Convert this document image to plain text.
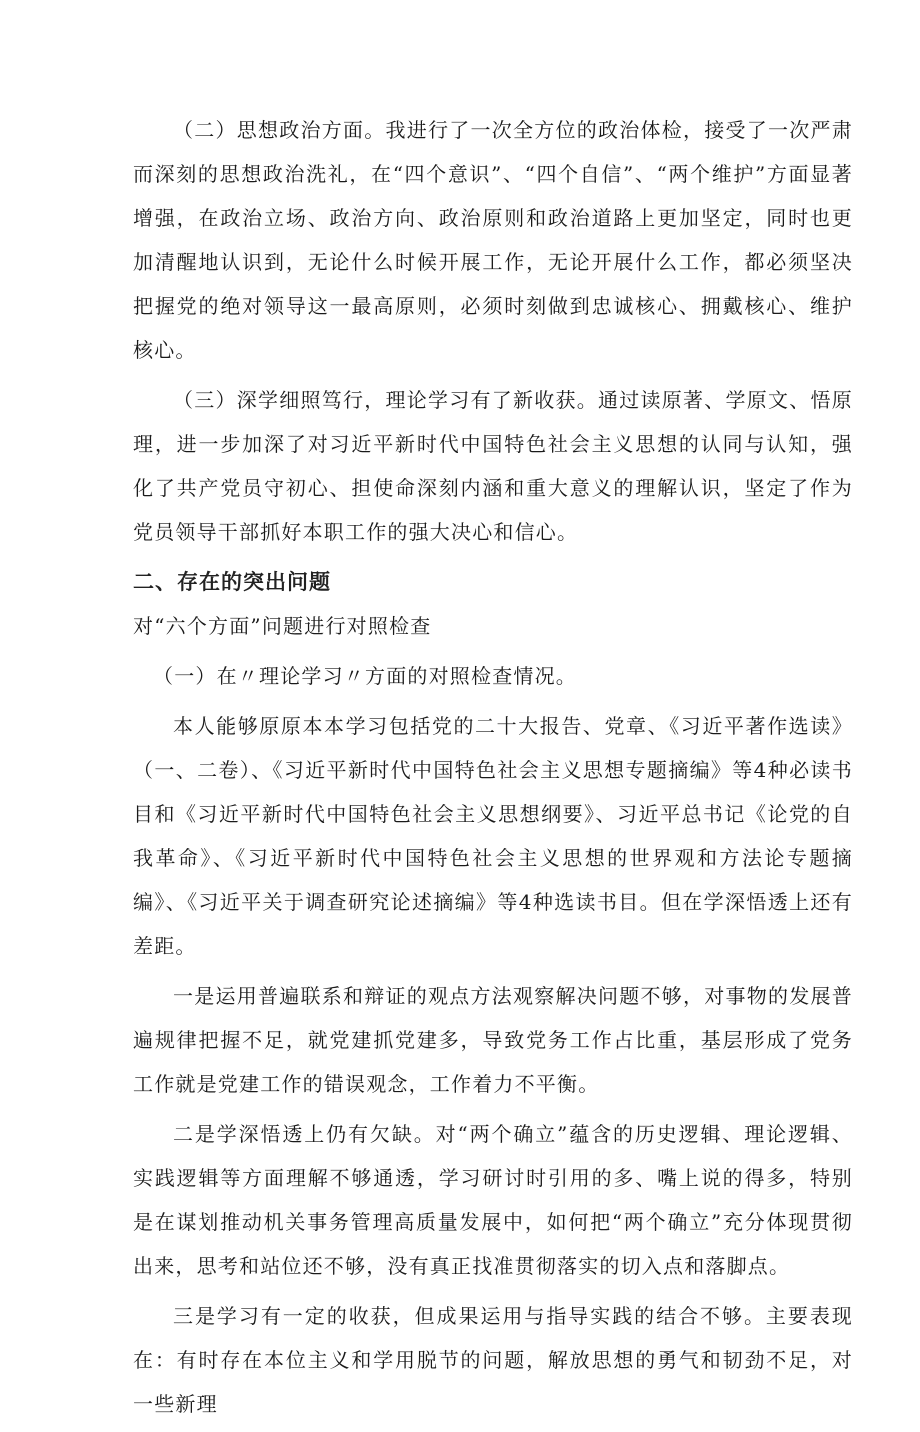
（二）思想政治方面。我进行了一次全方位的政治体检，接受了一次严肃而深刻的思想政治洗礼，在“四个意识”、“四个自信”、“两个维护”方面显著增强，在政治立场、政治方向、政治原则和政治道路上更加坚定，同时也更加清醒地认识到，无论什么时候开展工作，无论开展什么工作，都必须坚决把握党的绝对领导这一最高原则，必须时刻做到忠诚核心、拥戴核心、维护核心。

（三）深学细照笃行，理论学习有了新收获。通过读原著、学原文、悟原理，进一步加深了对习近平新时代中国特色社会主义思想的认同与认知，强化了共产党员守初心、担使命深刻内涵和重大意义的理解认识，坚定了作为党员领导干部抓好本职工作的强大决心和信心。

二、存在的突出问题

对“六个方面”问题进行对照检查

（一）在〃理论学习〃方面的对照检查情况。

本人能够原原本本学习包括党的二十大报告、党章、《习近平著作选读》（一、二卷）、《习近平新时代中国特色社会主义思想专题摘编》等4种必读书目和《习近平新时代中国特色社会主义思想纲要》、习近平总书记《论党的自我革命》、《习近平新时代中国特色社会主义思想的世界观和方法论专题摘编》、《习近平关于调查研究论述摘编》等4种选读书目。但在学深悟透上还有差距。

一是运用普遍联系和辩证的观点方法观察解决问题不够，对事物的发展普遍规律把握不足，就党建抓党建多，导致党务工作占比重，基层形成了党务工作就是党建工作的错误观念，工作着力不平衡。

二是学深悟透上仍有欠缺。对“两个确立”蕴含的历史逻辑、理论逻辑、实践逻辑等方面理解不够通透，学习研讨时引用的多、嘴上说的得多，特别是在谋划推动机关事务管理高质量发展中，如何把“两个确立”充分体现贯彻出来，思考和站位还不够，没有真正找准贯彻落实的切入点和落脚点。

三是学习有一定的收获，但成果运用与指导实践的结合不够。主要表现在：有时存在本位主义和学用脱节的问题，解放思想的勇气和韧劲不足，对一些新理
